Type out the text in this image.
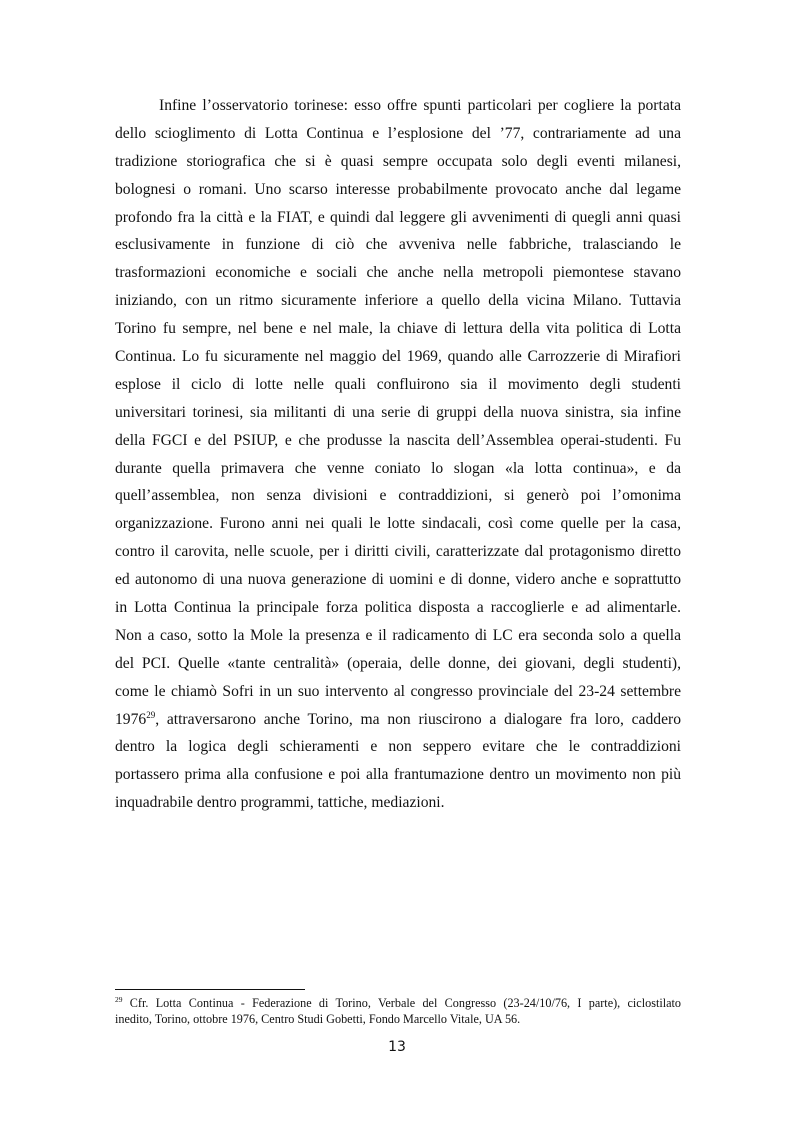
Infine l’osservatorio torinese: esso offre spunti particolari per cogliere la portata
dello scioglimento di Lotta Continua e l’esplosione del ’77, contrariamente ad una
tradizione storiografica che si è quasi sempre occupata solo degli eventi milanesi,
bolognesi o romani. Uno scarso interesse probabilmente provocato anche dal legame
profondo fra la città e la FIAT, e quindi dal leggere gli avvenimenti di quegli anni quasi
esclusivamente in funzione di ciò che avveniva nelle fabbriche, tralasciando le
trasformazioni economiche e sociali che anche nella metropoli piemontese stavano
iniziando, con un ritmo sicuramente inferiore a quello della vicina Milano. Tuttavia
Torino fu sempre, nel bene e nel male, la chiave di lettura della vita politica di Lotta
Continua. Lo fu sicuramente nel maggio del 1969, quando alle Carrozzerie di Mirafiori
esplose il ciclo di lotte nelle quali confluirono sia il movimento degli studenti
universitari torinesi, sia militanti di una serie di gruppi della nuova sinistra, sia infine
della FGCI e del PSIUP, e che produsse la nascita dell’Assemblea operai-studenti. Fu
durante quella primavera che venne coniato lo slogan «la lotta continua», e da
quell’assemblea, non senza divisioni e contraddizioni, si generò poi l’omonima
organizzazione. Furono anni nei quali le lotte sindacali, così come quelle per la casa,
contro il carovita, nelle scuole, per i diritti civili, caratterizzate dal protagonismo diretto
ed autonomo di una nuova generazione di uomini e di donne, videro anche e soprattutto
in Lotta Continua la principale forza politica disposta a raccoglierle e ad alimentarle.
Non a caso, sotto la Mole la presenza e il radicamento di LC era seconda solo a quella
del PCI. Quelle «tante centralità» (operaia, delle donne, dei giovani, degli studenti),
come le chiamò Sofri in un suo intervento al congresso provinciale del 23-24 settembre
1976$^{29}$, attraversarono anche Torino, ma non riuscirono a dialogare fra loro, caddero
dentro la logica degli schieramenti e non seppero evitare che le contraddizioni
portassero prima alla confusione e poi alla frantumazione dentro un movimento non più
inquadrabile dentro programmi, tattiche, mediazioni.
$^{29}$ Cfr. Lotta Continua - Federazione di Torino, Verbale del Congresso (23-24/10/76, I parte), ciclostilato
inedito, Torino, ottobre 1976, Centro Studi Gobetti, Fondo Marcello Vitale, UA 56.
13
